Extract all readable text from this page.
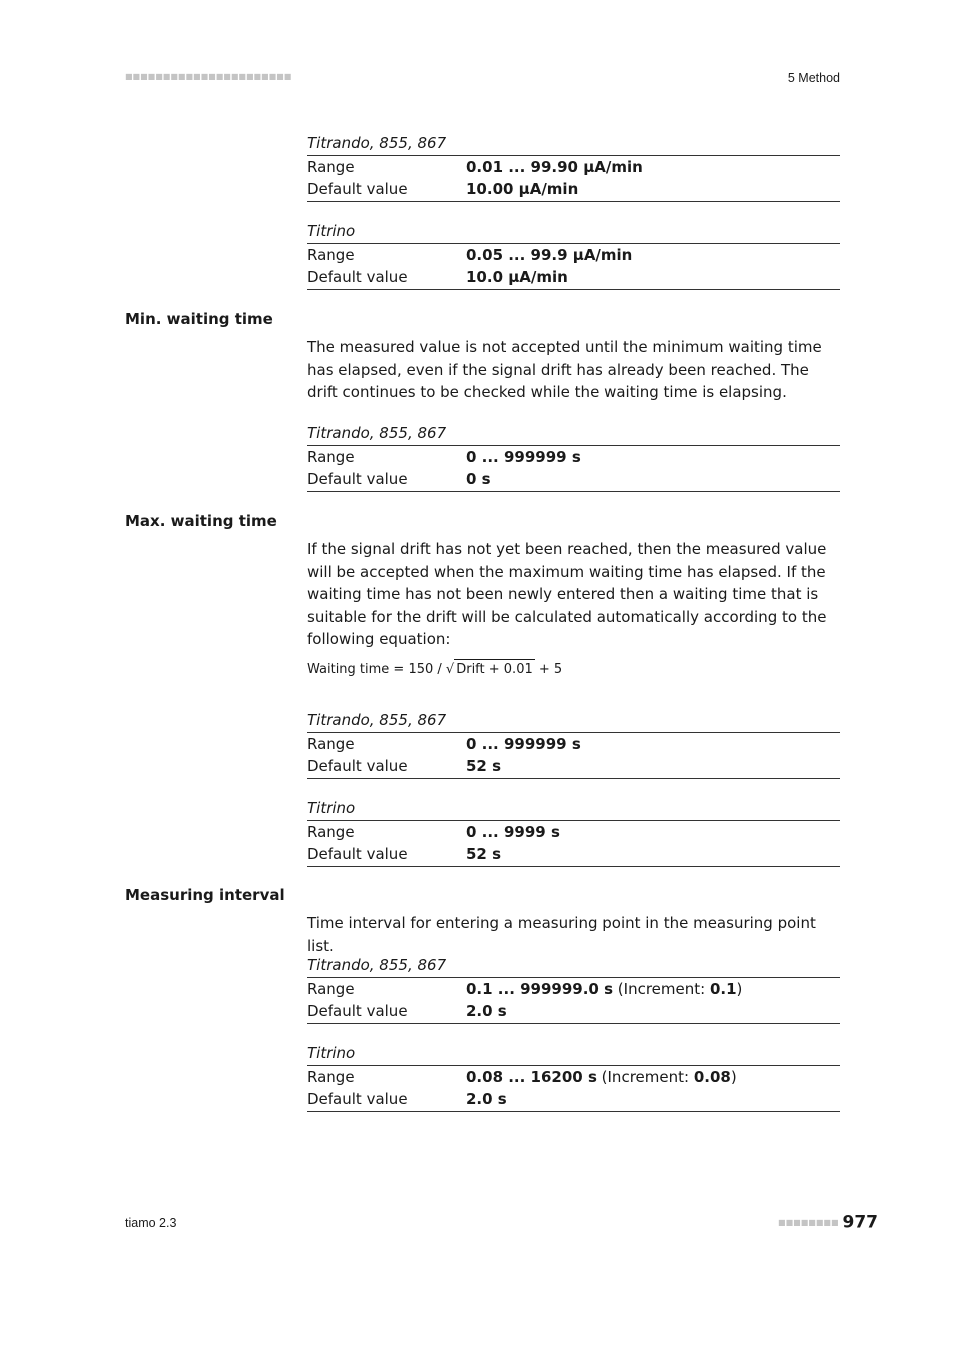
■■■■■■■■■■■■■■■■■■■■■■	5 Method
Titrando, 855, 867
Range	0.01 ... 99.90 µA/min
Default value	10.00 µA/min
Titrino
Range	0.05 ... 99.9 µA/min
Default value	10.0 µA/min
Min. waiting time

The measured value is not accepted until the minimum waiting time has elapsed, even if the signal drift has already been reached. The drift continues to be checked while the waiting time is elapsing.

Titrando, 855, 867
Range	0 ... 999999 s
Default value	0 s
Max. waiting time

If the signal drift has not yet been reached, then the measured value will be accepted when the maximum waiting time has elapsed. If the waiting time has not been newly entered then a waiting time that is suitable for the drift will be calculated automatically according to the following equation:

Waiting time = 150 / √ Drift + 0.01 + 5
Titrando, 855, 867
Range	0 ... 999999 s
Default value	52 s
Titrino
Range	0 ... 9999 s
Default value	52 s
Measuring interval

Time interval for entering a measuring point in the measuring point list.

Titrando, 855, 867
Range	0.1 ... 999999.0 s (Increment: 0.1)
Default value	2.0 s
Titrino
Range	0.08 ... 16200 s (Increment: 0.08)
Default value	2.0 s
tiamo 2.3	■■■■■■■■ 977
